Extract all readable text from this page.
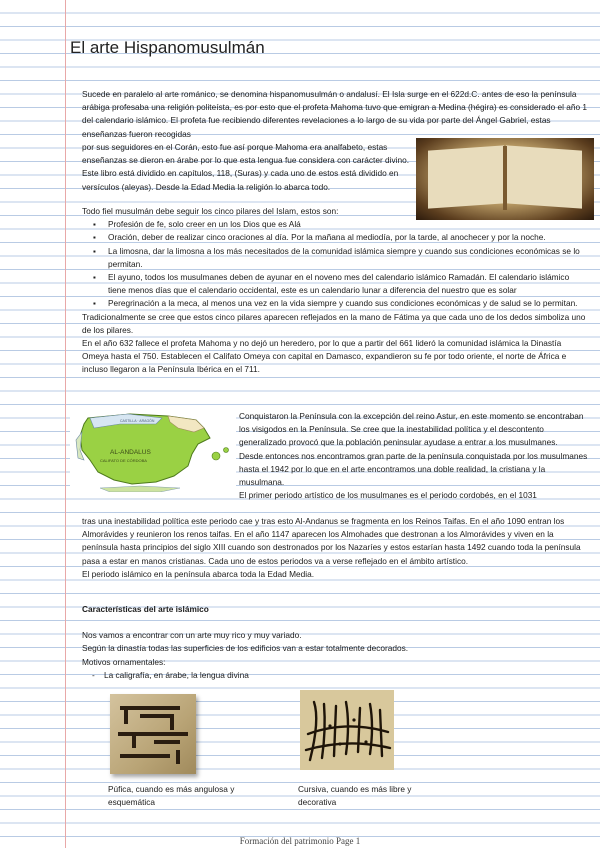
El arte Hispanomusulmán

Sucede en paralelo al arte románico, se denomina hispanomusulmán o andalusí. El Isla surge en el 622d.C. antes de eso la península arábiga profesaba una religión politeísta, es por esto que el profeta Mahoma tuvo que emigran a Medina (hégira) es considerado el año 1 del calendario islámico. El profeta fue recibiendo diferentes revelaciones a lo largo de su vida por parte del Ángel Gabriel, estas enseñanzas fueron recogidas

por sus seguidores en el Corán, esto fue así porque Mahoma era analfabeto, estas enseñanzas se dieron en árabe por lo que esta lengua fue considera con carácter divino. Este libro está dividido en capítulos, 118, (Suras) y cada uno de estos está dividido en versículos (aleyas). Desde la Edad Media la religión lo abarca todo.

Todo fiel musulmán debe seguir los cinco pilares del Islam, estos son:

▪ Profesión de fe, solo creer en un los Dios que es Alá
▪ Oración, deber de realizar cinco oraciones al día. Por la mañana al mediodía, por la tarde, al anochecer y por la noche.
▪ La limosna, dar la limosna a los más necesitados de la comunidad islámica siempre y cuando sus condiciones económicas se lo permitan.
▪ El ayuno, todos los musulmanes deben de ayunar en el noveno mes del calendario islámico Ramadán. El calendario islámico tiene menos días que el calendario occidental, este es un calendario lunar a diferencia del nuestro que es solar
▪ Peregrinación a la meca, al menos una vez en la vida siempre y cuando sus condiciones económicas y de salud se lo permitan.

Tradicionalmente se cree que estos cinco pilares aparecen reflejados en la mano de Fátima ya que cada uno de los dedos simboliza uno de los pilares.

En el año 632 fallece el profeta Mahoma y no dejó un heredero, por lo que a partir del 661 lideró la comunidad islámica la Dinastía Omeya hasta el 750. Establecen el Califato Omeya con capital en Damasco, expandieron su fe por todo oriente, el norte de África e incluso llegaron a la Península Ibérica en el 711.

AL-ANDALUS
CALIFATO DE CÓRDOBA
CASTILLA · ARAGÓN	Conquistaron la Península con la excepción del reino Astur, en este momento se encontraban los visigodos en la Península. Se cree que la inestabilidad política y el descontento generalizado provocó que la población peninsular ayudase a entrar a los musulmanes.

Desde entonces nos encontramos gran parte de la península conquistada por los musulmanes hasta el 1942 por lo que en el arte encontramos una doble realidad, la cristiana y la musulmana.

El primer periodo artístico de los musulmanes es el periodo cordobés, en el 1031

tras una inestabilidad política este periodo cae y tras esto Al-Andanus se fragmenta en los Reinos Taifas. En el año 1090 entran los Almorávides y reunieron los renos taifas. En el año 1147 aparecen los Almohades que destronan a los Almorávides y viven en la península hasta principios del siglo XIII cuando son destronados por los Nazaríes y estos estarían hasta 1492 cuando toda la península pasa a estar en manos cristianas. Cada uno de estos periodos va a verse reflejado en el ámbito artístico.

El periodo islámico en la península abarca toda la Edad Media.

Características del arte islámico

Nos vamos a encontrar con un arte muy rico y muy variado.

Según la dinastía todas las superficies de los edificios van a estar totalmente decorados.

Motivos ornamentales:

- La caligrafía, en árabe, la lengua divina

Púfica, cuando es más angulosa y esquemática
Cursiva, cuando es más libre y decorativa
Formación del patrimonio Page 1
